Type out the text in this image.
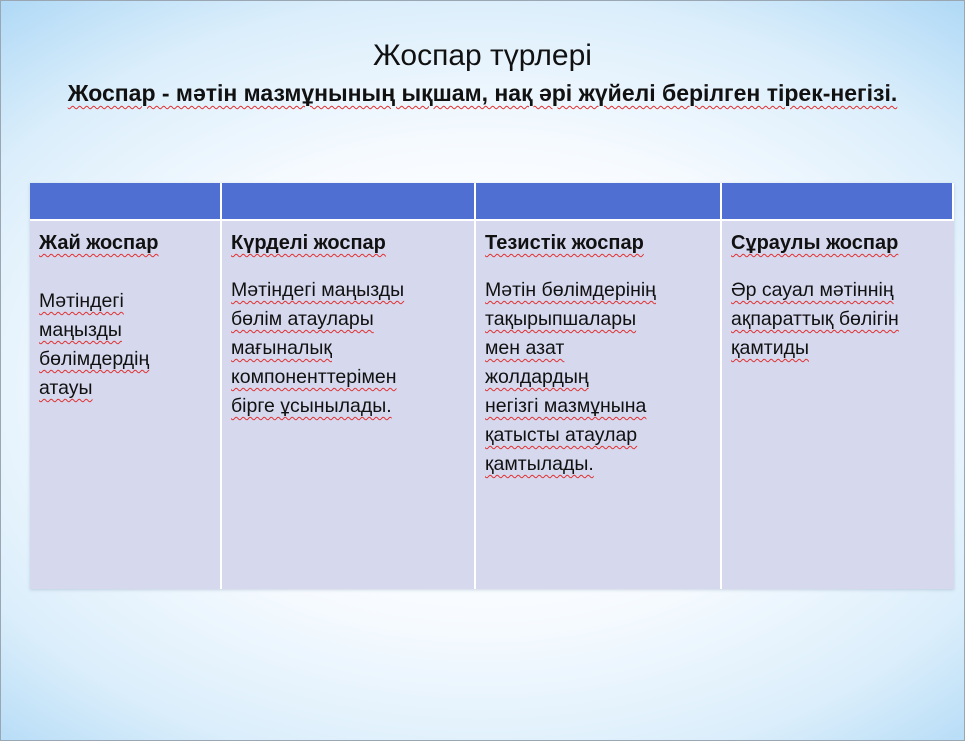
Жоспар түрлері

Жоспар - мәтін мазмұнының ықшам, нақ әрі жүйелі берілген тірек-негізі.

Жай жоспар
Мәтіндегі
маңызды
бөлімдердің
атауы
Күрделі жоспар
Мәтіндегі маңызды
бөлім атаулары
мағыналық
компоненттерімен
бірге ұсынылады.
Тезистік жоспар
Мәтін бөлімдерінің
тақырыпшалары
мен азат
жолдардың
негізгі мазмұнына
қатысты атаулар
қамтылады.
Сұраулы жоспар
Әр сауал мәтіннің
ақпараттық бөлігін
қамтиды
